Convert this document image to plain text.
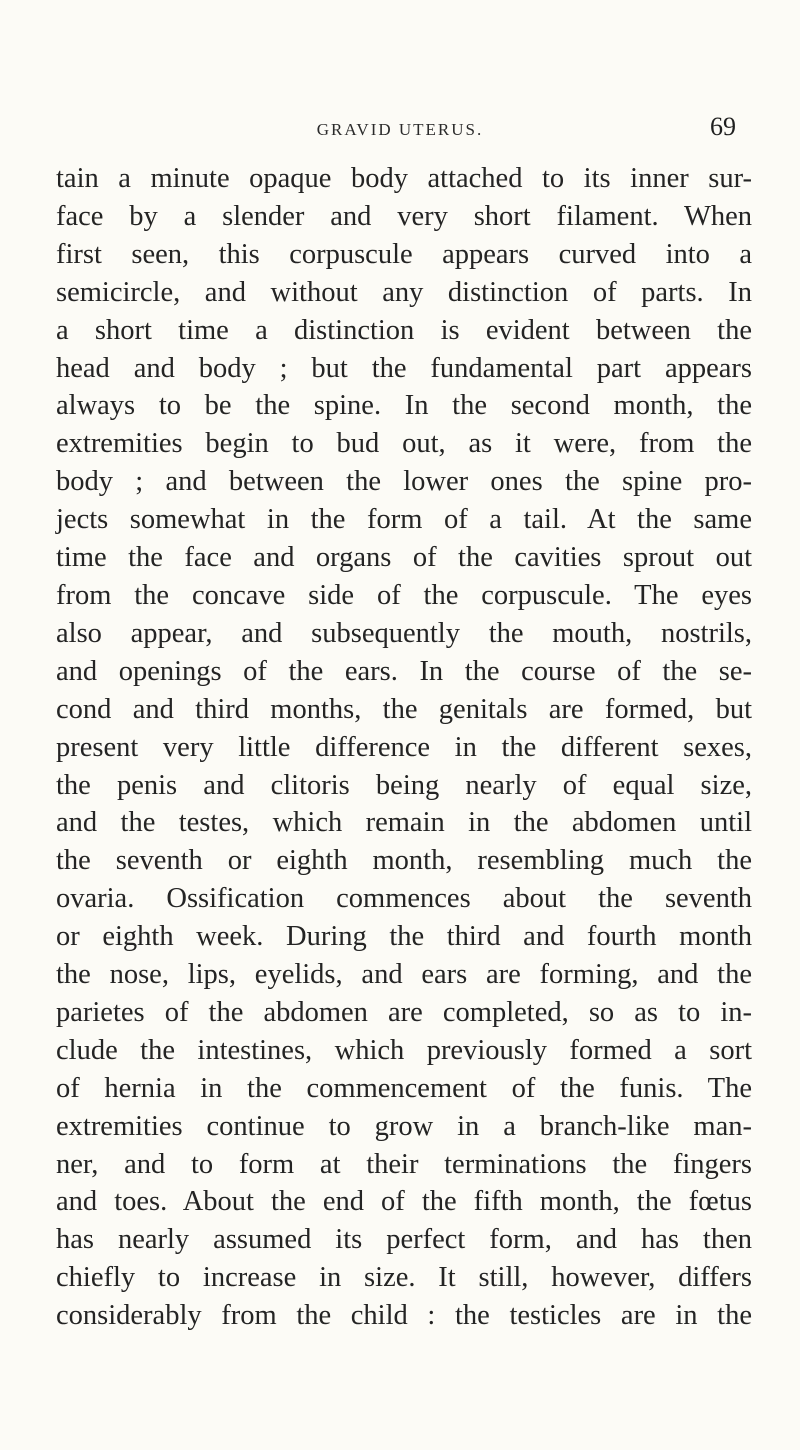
GRAVID UTERUS.	69
tain a minute opaque body attached to its inner sur-
face by a slender and very short filament. When
first seen, this corpuscule appears curved into a
semicircle, and without any distinction of parts. In
a short time a distinction is evident between the
head and body ; but the fundamental part appears
always to be the spine. In the second month, the
extremities begin to bud out, as it were, from the
body ; and between the lower ones the spine pro-
jects somewhat in the form of a tail. At the same
time the face and organs of the cavities sprout out
from the concave side of the corpuscule. The eyes
also appear, and subsequently the mouth, nostrils,
and openings of the ears. In the course of the se-
cond and third months, the genitals are formed, but
present very little difference in the different sexes,
the penis and clitoris being nearly of equal size,
and the testes, which remain in the abdomen until
the seventh or eighth month, resembling much the
ovaria. Ossification commences about the seventh
or eighth week. During the third and fourth month
the nose, lips, eyelids, and ears are forming, and the
parietes of the abdomen are completed, so as to in-
clude the intestines, which previously formed a sort
of hernia in the commencement of the funis. The
extremities continue to grow in a branch-like man-
ner, and to form at their terminations the fingers
and toes. About the end of the fifth month, the fœtus
has nearly assumed its perfect form, and has then
chiefly to increase in size. It still, however, differs
considerably from the child : the testicles are in the
